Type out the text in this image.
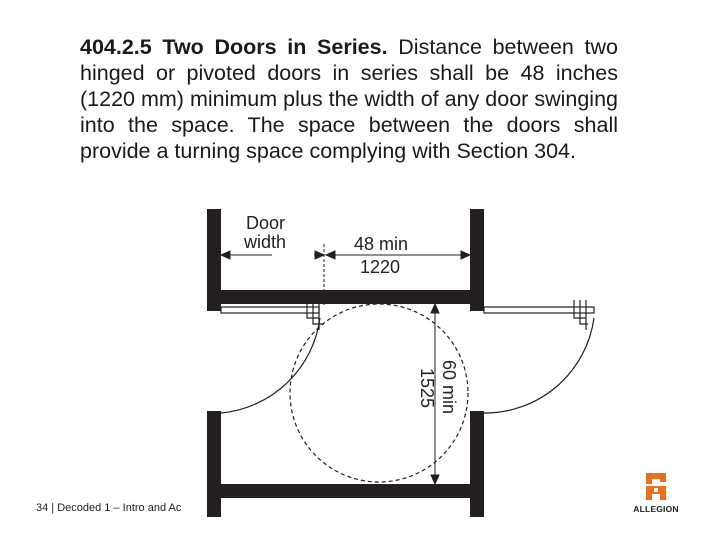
404.2.5 Two Doors in Series. Distance between two hinged or pivoted doors in series shall be 48 inches (1220 mm) minimum plus the width of any door swinging into the space. The space between the doors shall provide a turning space complying with Section 304.
Door
width	48 min
1220
60 min
1525
34 | Decoded 1 – Intro and Ac	ALLEGION
